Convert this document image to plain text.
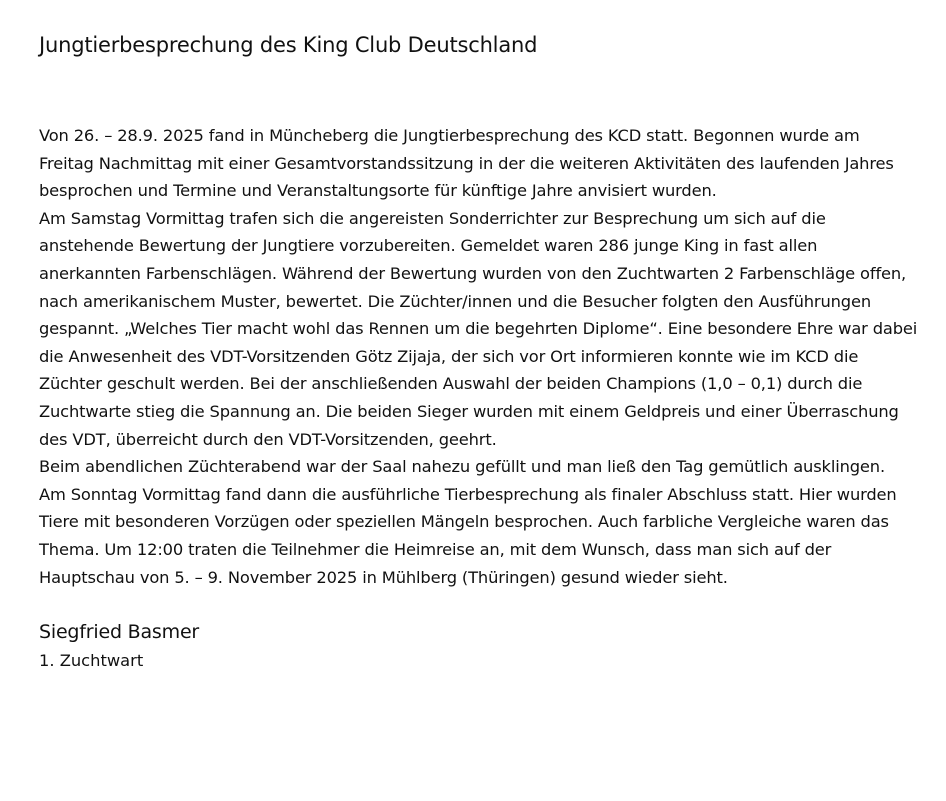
Jungtierbesprechung des King Club Deutschland

Von 26. – 28.9. 2025 fand in Müncheberg die Jungtierbesprechung des KCD statt. Begonnen wurde am Freitag Nachmittag mit einer Gesamtvorstandssitzung in der die weiteren Aktivitäten des laufenden Jahres besprochen und Termine und Veranstaltungsorte für künftige Jahre anvisiert wurden.

Am Samstag Vormittag trafen sich die angereisten Sonderrichter zur Besprechung um sich auf die anstehende Bewertung der Jungtiere vorzubereiten. Gemeldet waren 286 junge King in fast allen anerkannten Farbenschlägen. Während der Bewertung wurden von den Zuchtwarten 2 Farbenschläge offen, nach amerikanischem Muster, bewertet. Die Züchter/innen und die Besucher folgten den Ausführungen gespannt. „Welches Tier macht wohl das Rennen um die begehrten Diplome“. Eine besondere Ehre war dabei die Anwesenheit des VDT-Vorsitzenden Götz Zijaja, der sich vor Ort informieren konnte wie im KCD die Züchter geschult werden. Bei der anschließenden Auswahl der beiden Champions (1,0 – 0,1) durch die Zuchtwarte stieg die Spannung an. Die beiden Sieger wurden mit einem Geldpreis und einer Überraschung des VDT, überreicht durch den VDT-Vorsitzenden, geehrt.

Beim abendlichen Züchterabend war der Saal nahezu gefüllt und man ließ den Tag gemütlich ausklingen.

Am Sonntag Vormittag fand dann die ausführliche Tierbesprechung als finaler Abschluss statt. Hier wurden Tiere mit besonderen Vorzügen oder speziellen Mängeln besprochen. Auch farbliche Vergleiche waren das Thema. Um 12:00 traten die Teilnehmer die Heimreise an, mit dem Wunsch, dass man sich auf der Hauptschau von 5. – 9. November 2025 in Mühlberg (Thüringen) gesund wieder sieht.

Siegfried Basmer

1. Zuchtwart
